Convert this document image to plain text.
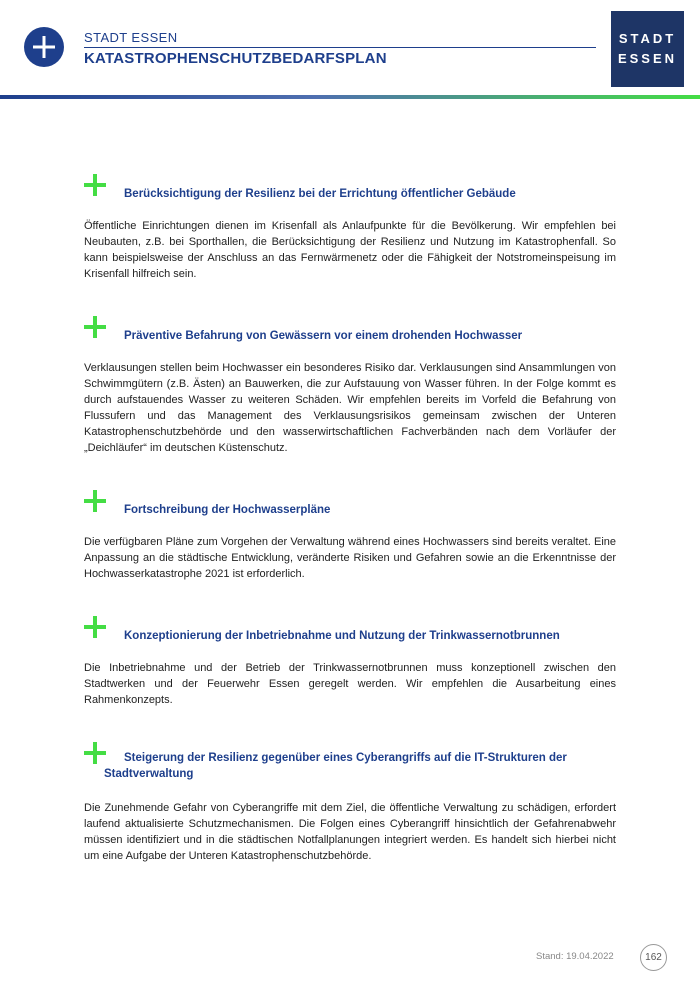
STADT ESSEN
KATASTROPHENSCHUTZBEDARFSPLAN
STADT
ESSEN
Berücksichtigung der Resilienz bei der Errichtung öffentlicher Gebäude

Öffentliche Einrichtungen dienen im Krisenfall als Anlaufpunkte für die Bevölkerung. Wir empfehlen bei Neubauten, z.B. bei Sporthallen, die Berücksichtigung der Resilienz und Nutzung im Katastrophenfall. So kann beispielsweise der Anschluss an das Fernwärmenetz oder die Fähigkeit der Notstromeinspeisung im Krisenfall hilfreich sein.

Präventive Befahrung von Gewässern vor einem drohenden Hochwasser

Verklausungen stellen beim Hochwasser ein besonderes Risiko dar. Verklausungen sind Ansammlungen von Schwimmgütern (z.B. Ästen) an Bauwerken, die zur Aufstauung von Wasser führen. In der Folge kommt es durch aufstauendes Wasser zu weiteren Schäden. Wir empfehlen bereits im Vorfeld die Befahrung von Flussufern und das Management des Verklausungsrisikos gemeinsam zwischen der Unteren Katastrophenschutzbehörde und den wasserwirtschaftlichen Fachverbänden nach dem Vorläufer der „Deichläufer“ im deutschen Küstenschutz.

Fortschreibung der Hochwasserpläne

Die verfügbaren Pläne zum Vorgehen der Verwaltung während eines Hochwassers sind bereits veraltet. Eine Anpassung an die städtische Entwicklung, veränderte Risiken und Gefahren sowie an die Erkenntnisse der Hochwasserkatastrophe 2021 ist erforderlich.

Konzeptionierung der Inbetriebnahme und Nutzung der Trinkwassernotbrunnen

Die Inbetriebnahme und der Betrieb der Trinkwassernotbrunnen muss konzeptionell zwischen den Stadtwerken und der Feuerwehr Essen geregelt werden. Wir empfehlen die Ausarbeitung eines Rahmenkonzepts.

Steigerung der Resilienz gegenüber eines Cyberangriffs auf die IT-Strukturen der Stadtverwaltung

Die Zunehmende Gefahr von Cyberangriffe mit dem Ziel, die öffentliche Verwaltung zu schädigen, erfordert laufend aktualisierte Schutzmechanismen. Die Folgen eines Cyberangriff hinsichtlich der Gefahrenabwehr müssen identifiziert und in die städtischen Notfallplanungen integriert werden. Es handelt sich hierbei nicht um eine Aufgabe der Unteren Katastrophenschutzbehörde.

Stand: 19.04.2022	162
